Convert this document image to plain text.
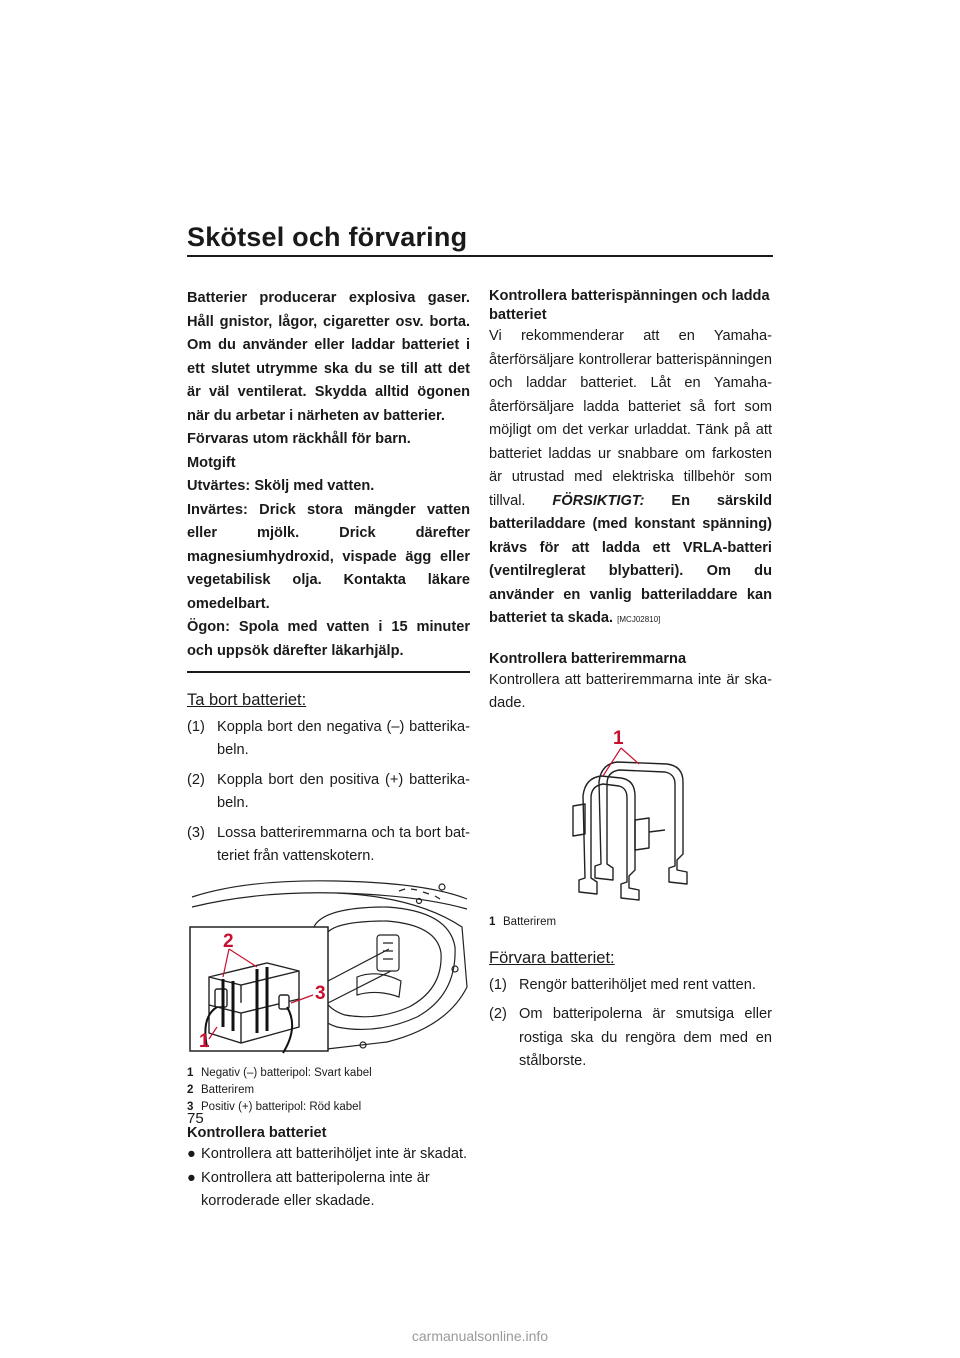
Skötsel och förvaring

Batterier producerar explosiva gaser. Håll gnistor, lågor, cigaretter osv. borta. Om du använder eller laddar batteriet i ett slutet utrymme ska du se till att det är väl ventilerat. Skydda alltid ögonen när du arbetar i närheten av batterier.

Förvaras utom räckhåll för barn.

Motgift

Utvärtes: Skölj med vatten.

Invärtes: Drick stora mängder vatten eller mjölk. Drick därefter magnesiumhydroxid, vispade ägg eller vegetabilisk olja. Kontakta läkare omedelbart.

Ögon: Spola med vatten i 15 minuter och uppsök därefter läkarhjälp.

Ta bort batteriet:
(1) Koppla bort den negativa (–) batterikabeln.
(2) Koppla bort den positiva (+) batterikabeln.
(3) Lossa batteriremmarna och ta bort batteriet från vattenskotern.
2
3
1
1 Negativ (–) batteripol: Svart kabel
2 Batterirem
3 Positiv (+) batteripol: Röd kabel
Kontrollera batteriet
● Kontrollera att batterihöljet inte är skadat.
● Kontrollera att batteripolerna inte är korroderade eller skadade.
Kontrollera batterispänningen och ladda batteriet

Vi rekommenderar att en Yamaha-återförsäljare kontrollerar batterispänningen och laddar batteriet. Låt en Yamaha-återförsäljare ladda batteriet så fort som möjligt om det verkar urladdat. Tänk på att batteriet laddas ur snabbare om farkosten är utrustad med elektriska tillbehör som tillval. FÖRSIKTIGT: En särskild batteriladdare (med konstant spänning) krävs för att ladda ett VRLA-batteri (ventilreglerat blybatteri). Om du använder en vanlig batteriladdare kan batteriet ta skada. [MCJ02810]

Kontrollera batteriremmarna

Kontrollera att batteriremmarna inte är skadade.

1
1 Batterirem
Förvara batteriet:
(1) Rengör batterihöljet med rent vatten.
(2) Om batteripolerna är smutsiga eller rostiga ska du rengöra dem med en stålborste.
75
carmanualsonline.info
